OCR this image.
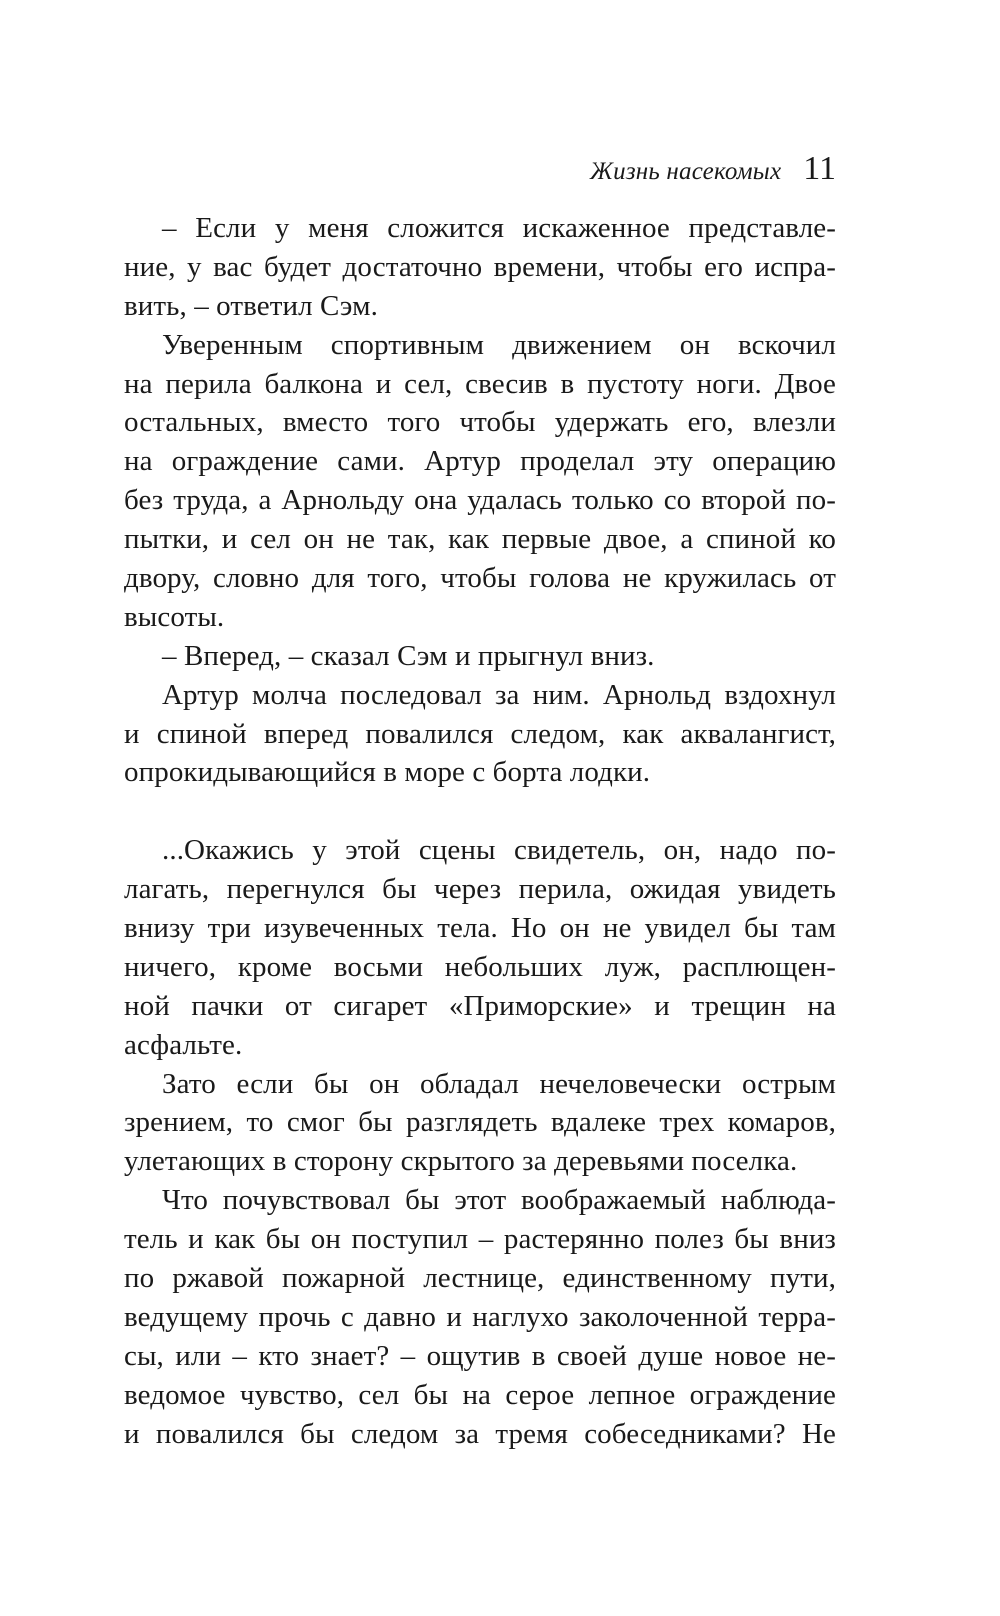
Жизнь насекомых 11
– Если у меня сложится искаженное представле-
ние, у вас будет достаточно времени, чтобы его испра-
вить, – ответил Сэм.
Уверенным спортивным движением он вскочил
на перила балкона и сел, свесив в пустоту ноги. Двое
остальных, вместо того чтобы удержать его, влезли
на ограждение сами. Артур проделал эту операцию
без труда, а Арнольду она удалась только со второй по-
пытки, и сел он не так, как первые двое, а спиной ко
двору, словно для того, чтобы голова не кружилась от
высоты.
– Вперед, – сказал Сэм и прыгнул вниз.
Артур молча последовал за ним. Арнольд вздохнул
и спиной вперед повалился следом, как аквалангист,
опрокидывающийся в море с борта лодки.
...Окажись у этой сцены свидетель, он, надо по-
лагать, перегнулся бы через перила, ожидая увидеть
внизу три изувеченных тела. Но он не увидел бы там
ничего, кроме восьми небольших луж, расплющен-
ной пачки от сигарет «Приморские» и трещин на
асфальте.
Зато если бы он обладал нечеловечески острым
зрением, то смог бы разглядеть вдалеке трех комаров,
улетающих в сторону скрытого за деревьями поселка.
Что почувствовал бы этот воображаемый наблюда-
тель и как бы он поступил – растерянно полез бы вниз
по ржавой пожарной лестнице, единственному пути,
ведущему прочь с давно и наглухо заколоченной терра-
сы, или – кто знает? – ощутив в своей душе новое не-
ведомое чувство, сел бы на серое лепное ограждение
и повалился бы следом за тремя собеседниками? Не
